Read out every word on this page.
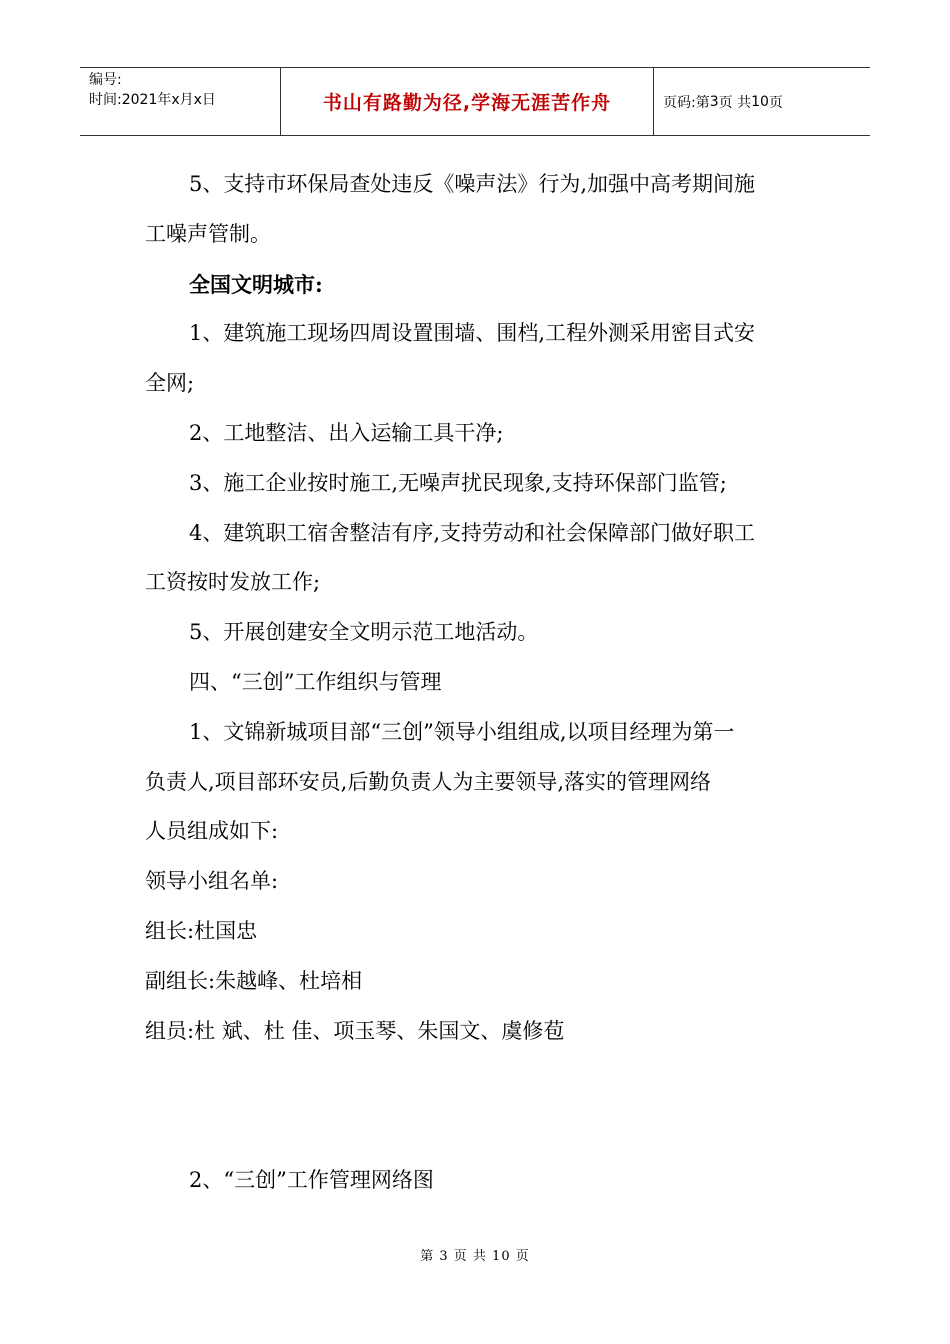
编号:
时间:2021年x月x日	书山有路勤为径,学海无涯苦作舟	页码:第 3 页 共 10 页

5、支持市环保局查处违反《噪声法》行为,加强中高考期间施

工噪声管制。

全国文明城市:

1、建筑施工现场四周设置围墙、围档,工程外测采用密目式安

全网;

2、工地整洁、出入运输工具干净;

3、施工企业按时施工,无噪声扰民现象,支持环保部门监管;

4、建筑职工宿舍整洁有序,支持劳动和社会保障部门做好职工

工资按时发放工作;

5、开展创建安全文明示范工地活动。

四、“三创”工作组织与管理

1、文锦新城项目部“三创”领导小组组成,以项目经理为第一

负责人,项目部环安员,后勤负责人为主要领导,落实的管理网络

人员组成如下:

领导小组名单:

组长:杜国忠

副组长:朱越峰、杜培相

组员:杜 斌、杜 佳、项玉琴、朱国文、虞修苞

2、“三创”工作管理网络图

第 3 页 共 10 页
